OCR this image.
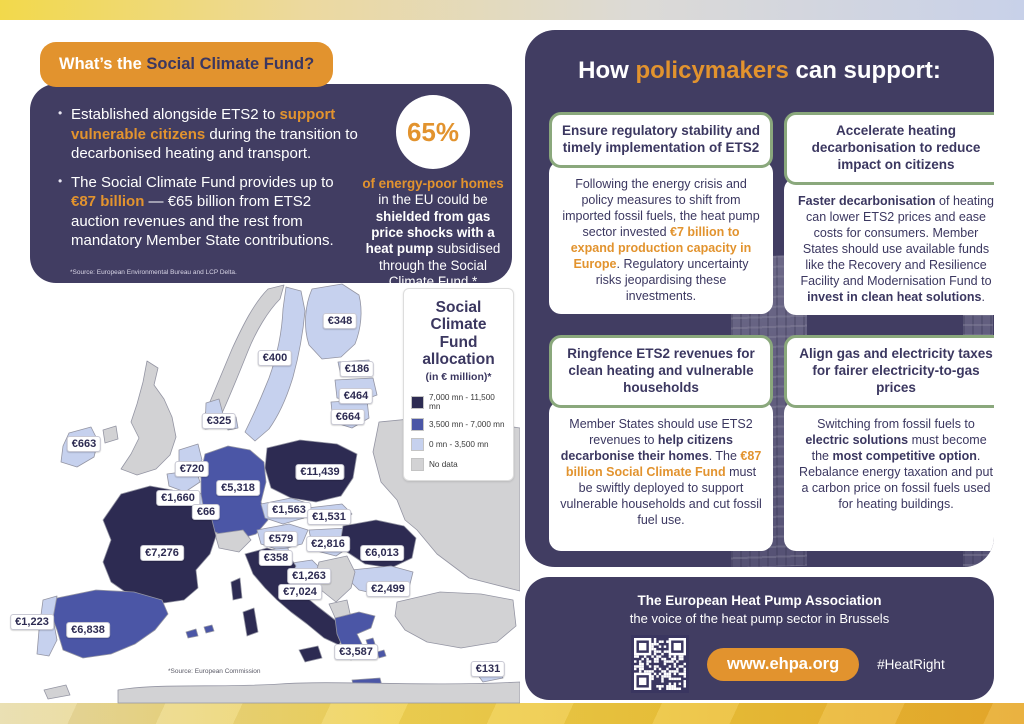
What’s the Social Climate Fund?
• Established alongside ETS2 to support vulnerable citizens during the transition to decarbonised heating and transport.
• The Social Climate Fund provides up to €87 billion — €65 billion from ETS2 auction revenues and the rest from mandatory Member State contributions.
*Source: European Environmental Bureau and LCP Delta.
65%
of energy-poor homes in the EU could be shielded from gas price shocks with a heat pump subsidised through the Social Climate Fund.*
€663
€348
€400
€186
€464
€664
€325
€720
€5,318
€11,439
€1,660
€66	€1,563
€1,531
€579	€2,816
€358
€1,263
€7,276	€6,013
€2,499
€7,024
€1,223
€6,838
€3,587
€131
Social Climate Fund allocation
(in € million)*
7,000 mn - 11,500 mn
3,500 mn - 7,000 mn
0 mn - 3,500 mn
No data
*Source: European Commission
How policymakers can support:
Ensure regulatory stability and timely implementation of ETS2
Following the energy crisis and policy measures to shift from imported fossil fuels, the heat pump sector invested €7 billion to expand production capacity in Europe. Regulatory uncertainty risks jeopardising these investments.
Accelerate heating decarbonisation to reduce impact on citizens
Faster decarbonisation of heating can lower ETS2 prices and ease costs for consumers. Member States should use available funds like the Recovery and Resilience Facility and Modernisation Fund to invest in clean heat solutions.
Ringfence ETS2 revenues for clean heating and vulnerable households
Member States should use ETS2 revenues to help citizens decarbonise their homes. The €87 billion Social Climate Fund must be swiftly deployed to support vulnerable households and cut fossil fuel use.
Align gas and electricity taxes for fairer electricity-to-gas prices
Switching from fossil fuels to electric solutions must become the most competitive option. Rebalance energy taxation and put a carbon price on fossil fuels used for heating buildings.
The European Heat Pump Association
the voice of the heat pump sector in Brussels
www.ehpa.org	#HeatRight
